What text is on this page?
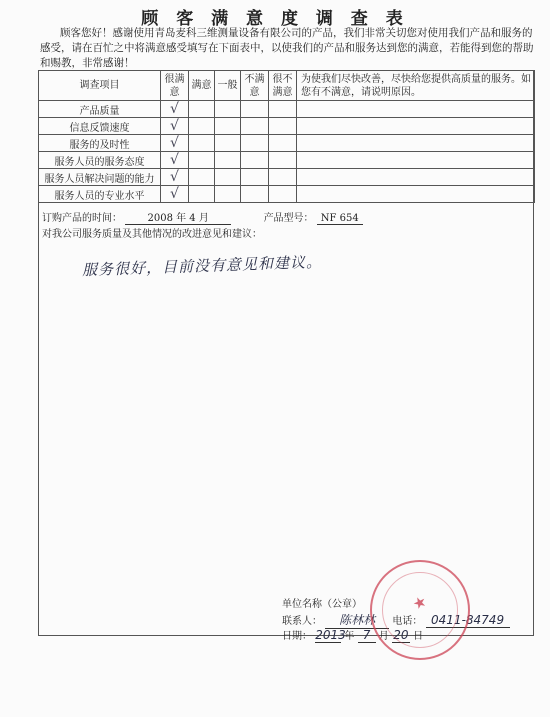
顾 客 满 意 度 调 查 表
顾客您好！感谢使用青岛麦科三维测量设备有限公司的产品，我们非常关切您对使用我们产品和服务的感受，请在百忙之中将满意感受填写在下面表中，以使我们的产品和服务达到您的满意，若能得到您的帮助和赐教，非常感谢！
调查项目	很满意	满意	一般	不满意	很不满意	为使我们尽快改善，尽快给您提供高质量的服务。如您有不满意，请说明原因。
产品质量	√					
信息反馈速度	√					
服务的及时性	√					
服务人员的服务态度	√					
服务人员解决问题的能力	√					
服务人员的专业水平	√					
订购产品的时间：	2008 年 4 月	产品型号： NF 654
对我公司服务质量及其他情况的改进意见和建议：
服务很好，目前没有意见和建议。
单位名称（公章）
联系人： 陈林林 电话： 0411-84749
日期： 2013 年 7 月 20 日
★
